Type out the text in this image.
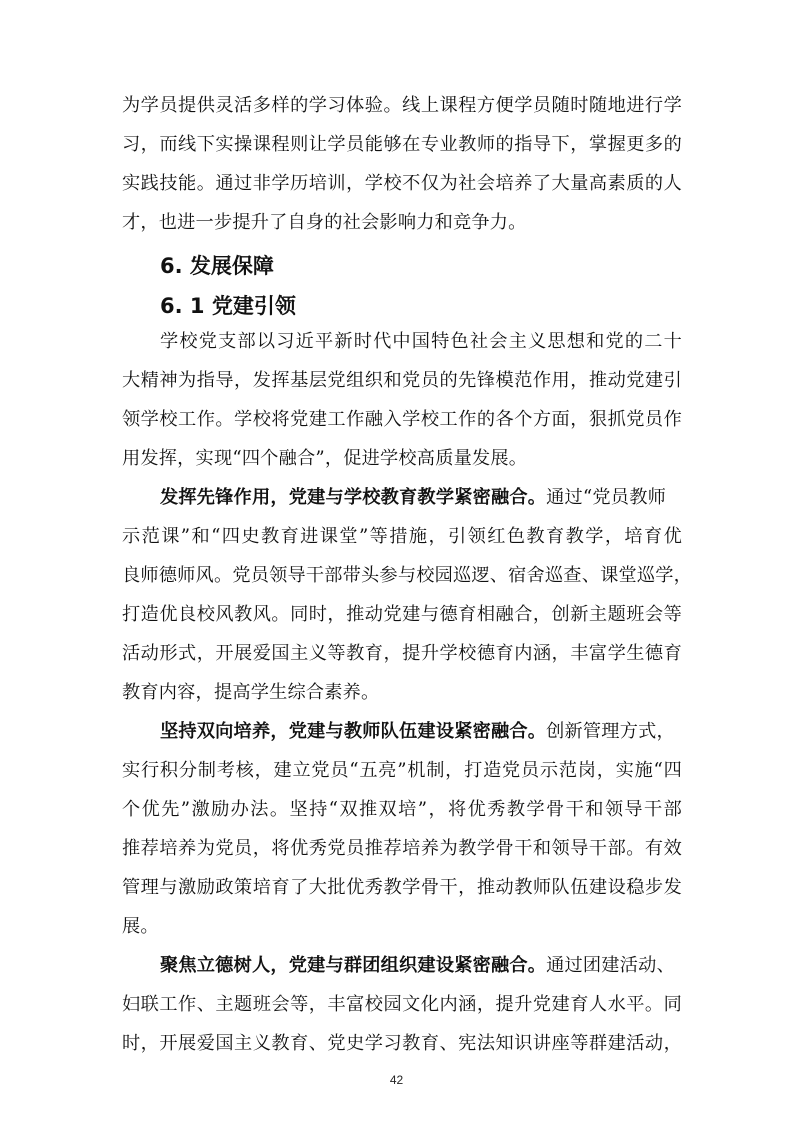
为学员提供灵活多样的学习体验。线上课程方便学员随时随地进行学

习，而线下实操课程则让学员能够在专业教师的指导下，掌握更多的

实践技能。通过非学历培训，学校不仅为社会培养了大量高素质的人

才，也进一步提升了自身的社会影响力和竞争力。

6. 发展保障
6. 1 党建引领

学校党支部以习近平新时代中国特色社会主义思想和党的二十

大精神为指导，发挥基层党组织和党员的先锋模范作用，推动党建引

领学校工作。学校将党建工作融入学校工作的各个方面，狠抓党员作

用发挥，实现“四个融合”，促进学校高质量发展。

发挥先锋作用，党建与学校教育教学紧密融合。通过“党员教师

示范课”和“四史教育进课堂”等措施，引领红色教育教学，培育优

良师德师风。党员领导干部带头参与校园巡逻、宿舍巡查、课堂巡学，

打造优良校风教风。同时，推动党建与德育相融合，创新主题班会等

活动形式，开展爱国主义等教育，提升学校德育内涵，丰富学生德育

教育内容，提高学生综合素养。

坚持双向培养，党建与教师队伍建设紧密融合。创新管理方式，

实行积分制考核，建立党员“五亮”机制，打造党员示范岗，实施“四

个优先”激励办法。坚持“双推双培”，将优秀教学骨干和领导干部

推荐培养为党员，将优秀党员推荐培养为教学骨干和领导干部。有效

管理与激励政策培育了大批优秀教学骨干，推动教师队伍建设稳步发

展。

聚焦立德树人，党建与群团组织建设紧密融合。通过团建活动、

妇联工作、主题班会等，丰富校园文化内涵，提升党建育人水平。同

时，开展爱国主义教育、党史学习教育、宪法知识讲座等群建活动，

42
